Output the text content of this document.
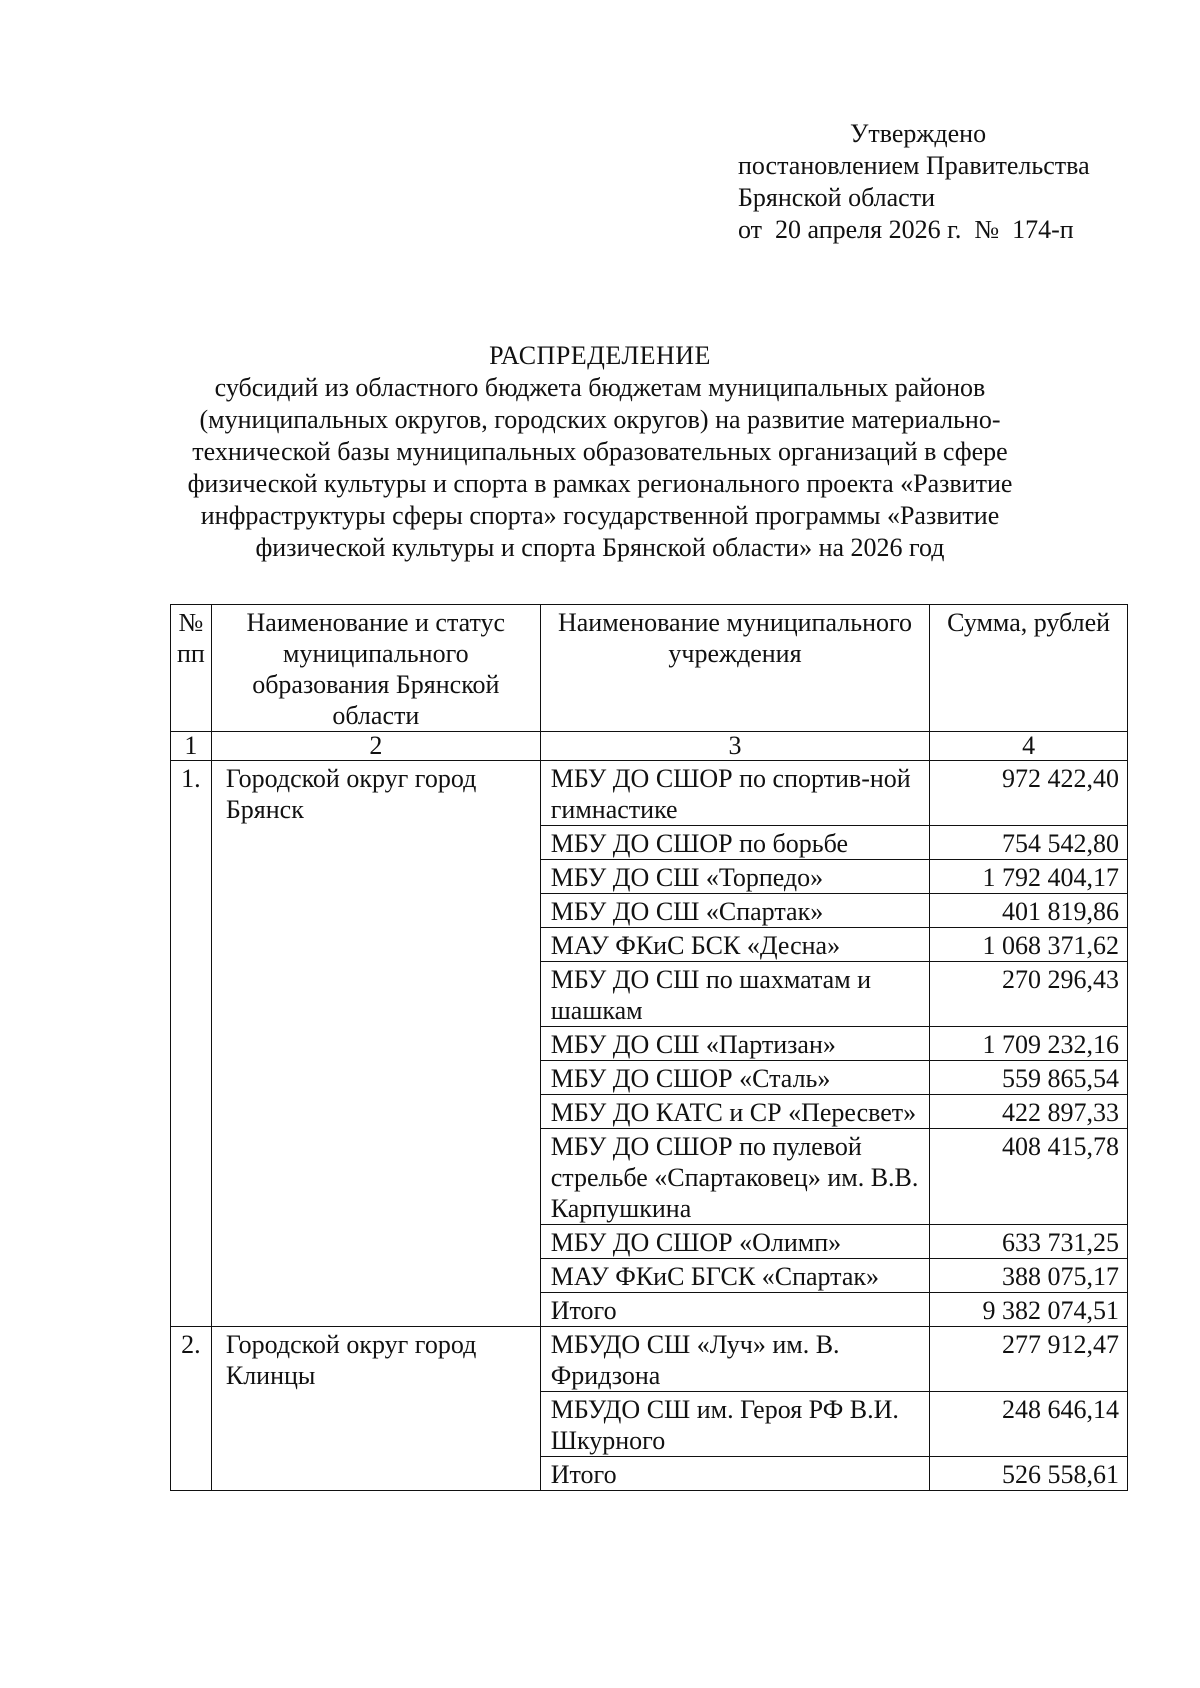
Утверждено
постановлением Правительства
Брянской области
от  20 апреля 2026 г.  №  174-п
РАСПРЕДЕЛЕНИЕ
субсидий из областного бюджета бюджетам муниципальных районов
(муниципальных округов, городских округов) на развитие материально-
технической базы муниципальных образовательных организаций в сфере
физической культуры и спорта в рамках регионального проекта «Развитие
инфраструктуры сферы спорта» государственной программы «Развитие
физической культуры и спорта Брянской области» на 2026 год
№ пп	Наименование и статус муниципального образования Брянской области	Наименование муниципального учреждения	Сумма, рублей
1	2	3	4
1.	Городской округ город Брянск	МБУ ДО СШОР по спортив-ной гимнастике	972 422,40
		МБУ ДО СШОР по борьбе	754 542,80
		МБУ ДО СШ «Торпедо»	1 792 404,17
		МБУ ДО СШ «Спартак»	401 819,86
		МАУ ФКиС БСК «Десна»	1 068 371,62
		МБУ ДО СШ по шахматам и шашкам	270 296,43
		МБУ ДО СШ «Партизан»	1 709 232,16
		МБУ ДО СШОР «Сталь»	559 865,54
		МБУ ДО КАТС и СР «Пересвет»	422 897,33
		МБУ ДО СШОР по пулевой стрельбе «Спартаковец» им. В.В. Карпушкина	408 415,78
		МБУ ДО СШОР «Олимп»	633 731,25
		МАУ ФКиС БГСК «Спартак»	388 075,17
		Итого	9 382 074,51
2.	Городской округ город Клинцы	МБУДО СШ «Луч» им. В. Фридзона	277 912,47
		МБУДО СШ им. Героя РФ В.И. Шкурного	248 646,14
		Итого	526 558,61
